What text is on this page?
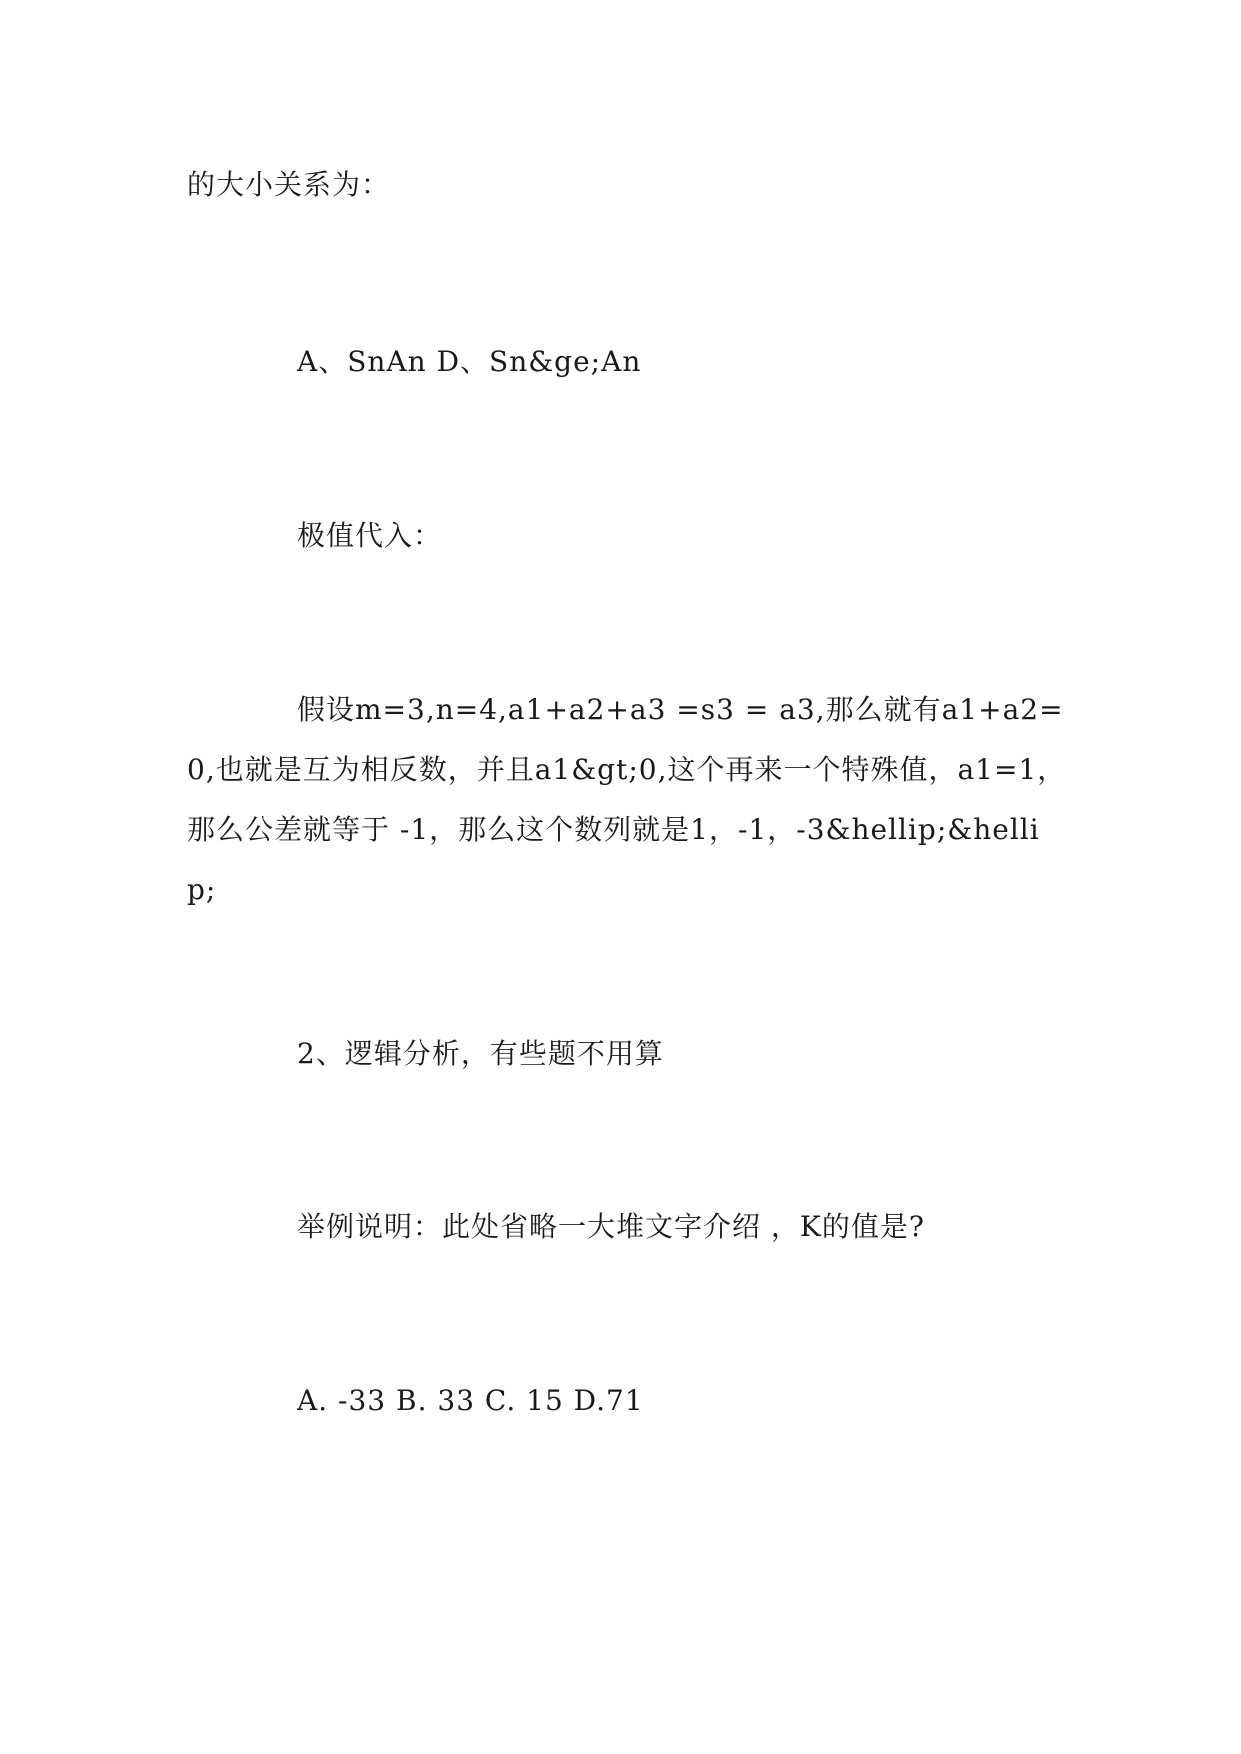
的大小关系为：
A、SnAn D、Sn&ge;An
极值代入：
假设m=3,n=4,a1+a2+a3 =s3 = a3,那么就有a1+a2=0,也就是互为相反数，并且a1&gt;0,这个再来一个特殊值，a1=1，那么公差就等于 -1，那么这个数列就是1，-1，-3&hellip;&hellip;
2、逻辑分析，有些题不用算
举例说明：此处省略一大堆文字介绍 ，K的值是?
A. -33 B. 33 C. 15 D.71
